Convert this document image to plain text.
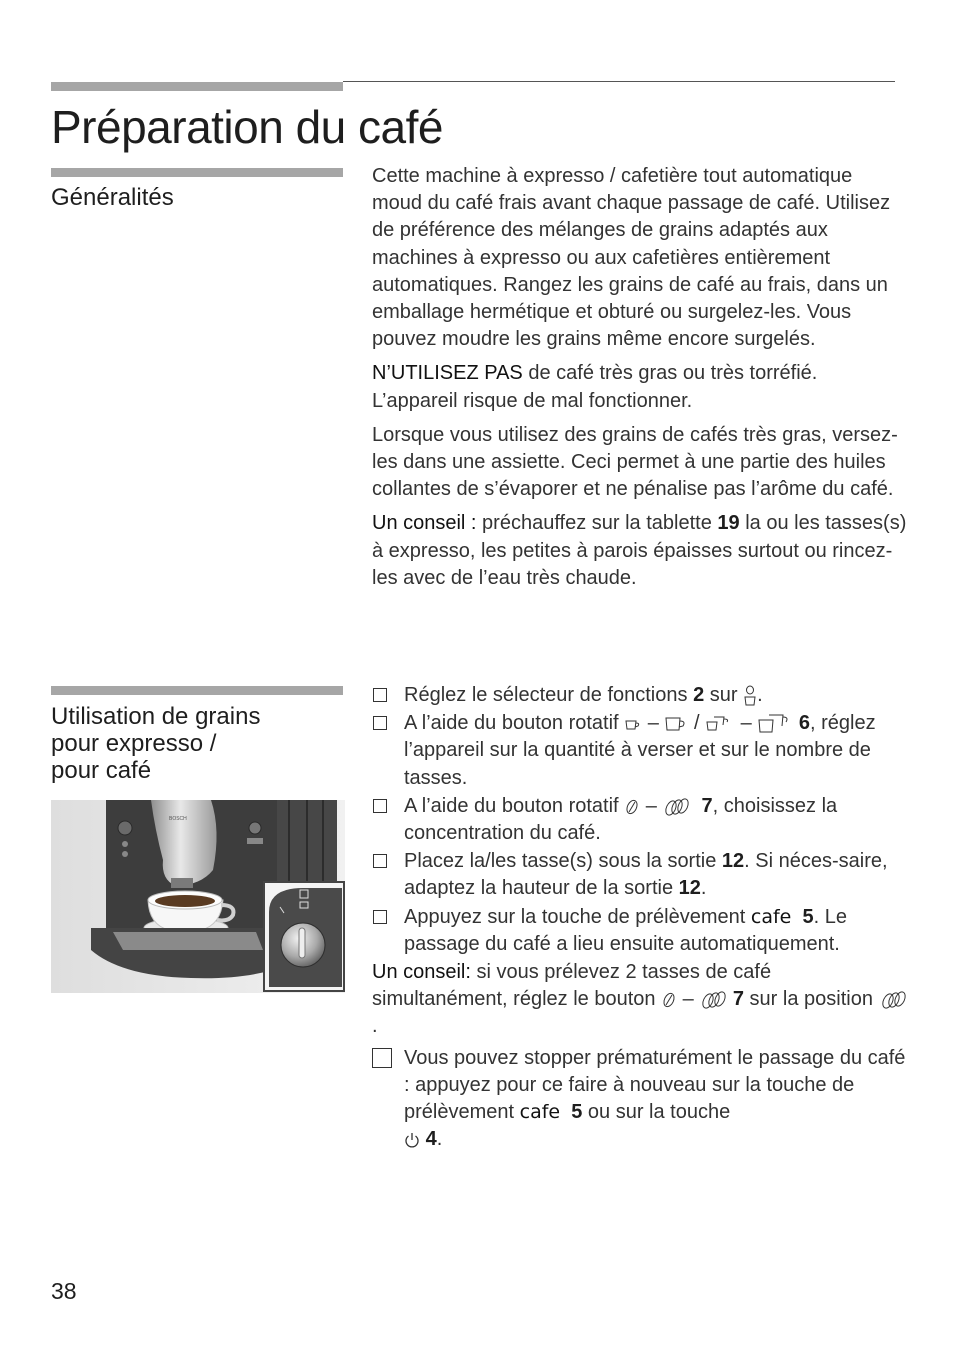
Préparation du café
Généralités

Cette machine à expresso / cafetière tout automatique moud du café frais avant chaque passage de café. Utilisez de préférence des mélanges de grains adaptés aux machines à expresso ou aux cafetières entièrement automatiques. Rangez les grains de café au frais, dans un emballage hermétique et obturé ou surgelez-les. Vous pouvez moudre les grains même encore surgelés.

N’UTILISEZ PAS de café très gras ou très torréfié. L’appareil risque de mal fonctionner.

Lorsque vous utilisez des grains de cafés très gras, versez-les dans une assiette. Ceci permet à une partie des huiles collantes de s’évaporer et ne pénalise pas l’arôme du café.

Un conseil : préchauffez sur la tablette 19 la ou les tasses(s) à expresso, les petites à parois épaisses surtout ou rincez-les avec de l’eau très chaude.

Utilisation de grains
pour expresso /
pour café
BOSCH
Réglez le sélecteur de fonctions 2 sur .
A l’aide du bouton rotatif  –  /  –  6, réglez l’appareil sur la quantité à verser et sur le nombre de tasses.
A l’aide du bouton rotatif  –   7, choisissez la concentration du café.
Placez la/les tasse(s) sous la sortie 12. Si néces-saire, adaptez la hauteur de la sortie 12.
Appuyez sur la touche de prélèvement cafe 5. Le passage du café a lieu ensuite automatiquement.

Un conseil: si vous prélevez 2 tasses de café simultanément, réglez le bouton  –  7 sur la position  .

Vous pouvez stopper prématurément le passage du café : appuyez pour ce faire à nouveau sur la touche de prélèvement cafe 5 ou sur la touche
4.
38
